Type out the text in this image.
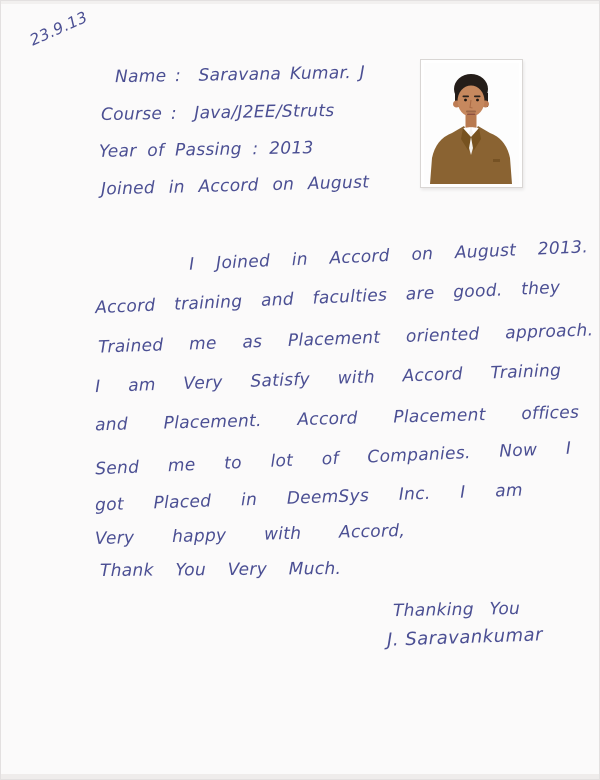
23.9.13
Name :  Saravana Kumar. J
Course :  Java/J2EE/Struts
Year of Passing : 2013
Joined in Accord on August
I Joined in Accord on August 2013.
Accord training and faculties are good. they
Trained me as Placement oriented approach.
I am Very Satisfy with Accord Training
and Placement. Accord Placement offices
Send me to lot of Companies. Now I
got Placed in DeemSys Inc. I am
Very happy with Accord,
Thank You Very Much.
Thanking You
J. Saravankumar
